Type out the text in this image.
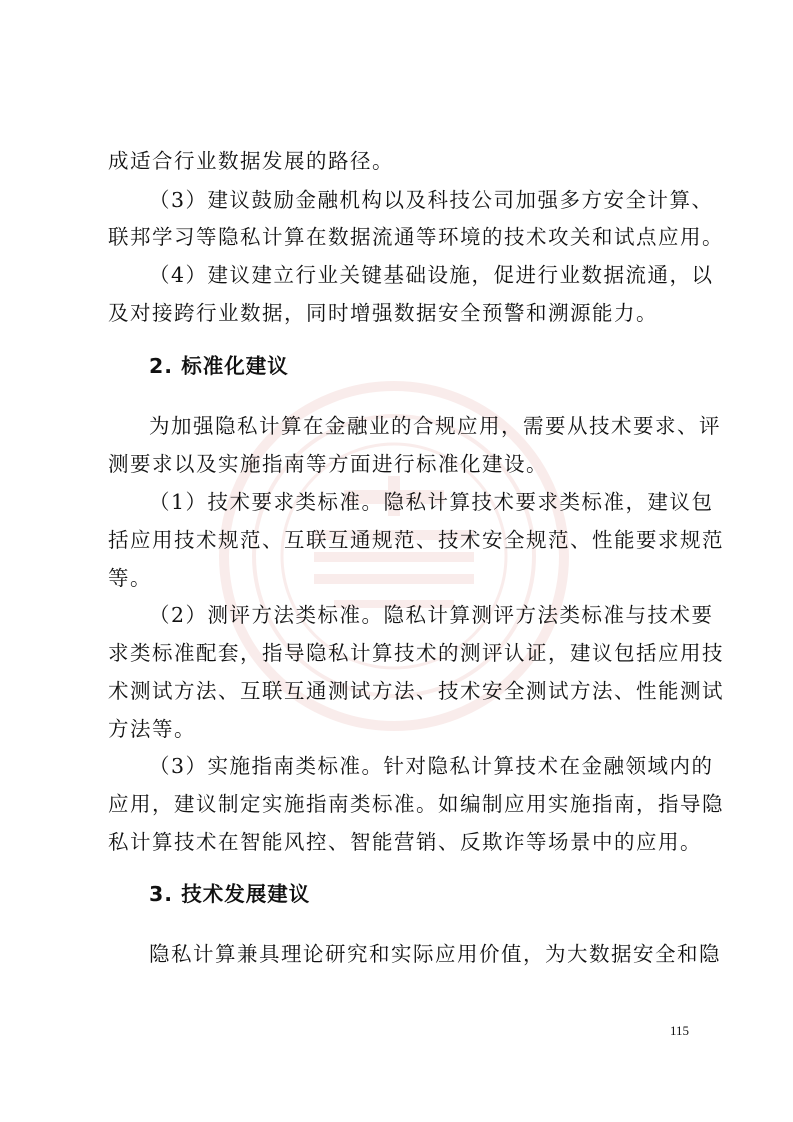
成适合行业数据发展的路径。
（3）建议鼓励金融机构以及科技公司加强多方安全计算、
联邦学习等隐私计算在数据流通等环境的技术攻关和试点应用。
（4）建议建立行业关键基础设施，促进行业数据流通，以
及对接跨行业数据，同时增强数据安全预警和溯源能力。
2. 标准化建议
为加强隐私计算在金融业的合规应用，需要从技术要求、评
测要求以及实施指南等方面进行标准化建设。
（1）技术要求类标准。隐私计算技术要求类标准，建议包
括应用技术规范、互联互通规范、技术安全规范、性能要求规范
等。
（2）测评方法类标准。隐私计算测评方法类标准与技术要
求类标准配套，指导隐私计算技术的测评认证，建议包括应用技
术测试方法、互联互通测试方法、技术安全测试方法、性能测试
方法等。
（3）实施指南类标准。针对隐私计算技术在金融领域内的
应用，建议制定实施指南类标准。如编制应用实施指南，指导隐
私计算技术在智能风控、智能营销、反欺诈等场景中的应用。
3. 技术发展建议
隐私计算兼具理论研究和实际应用价值，为大数据安全和隐
115
